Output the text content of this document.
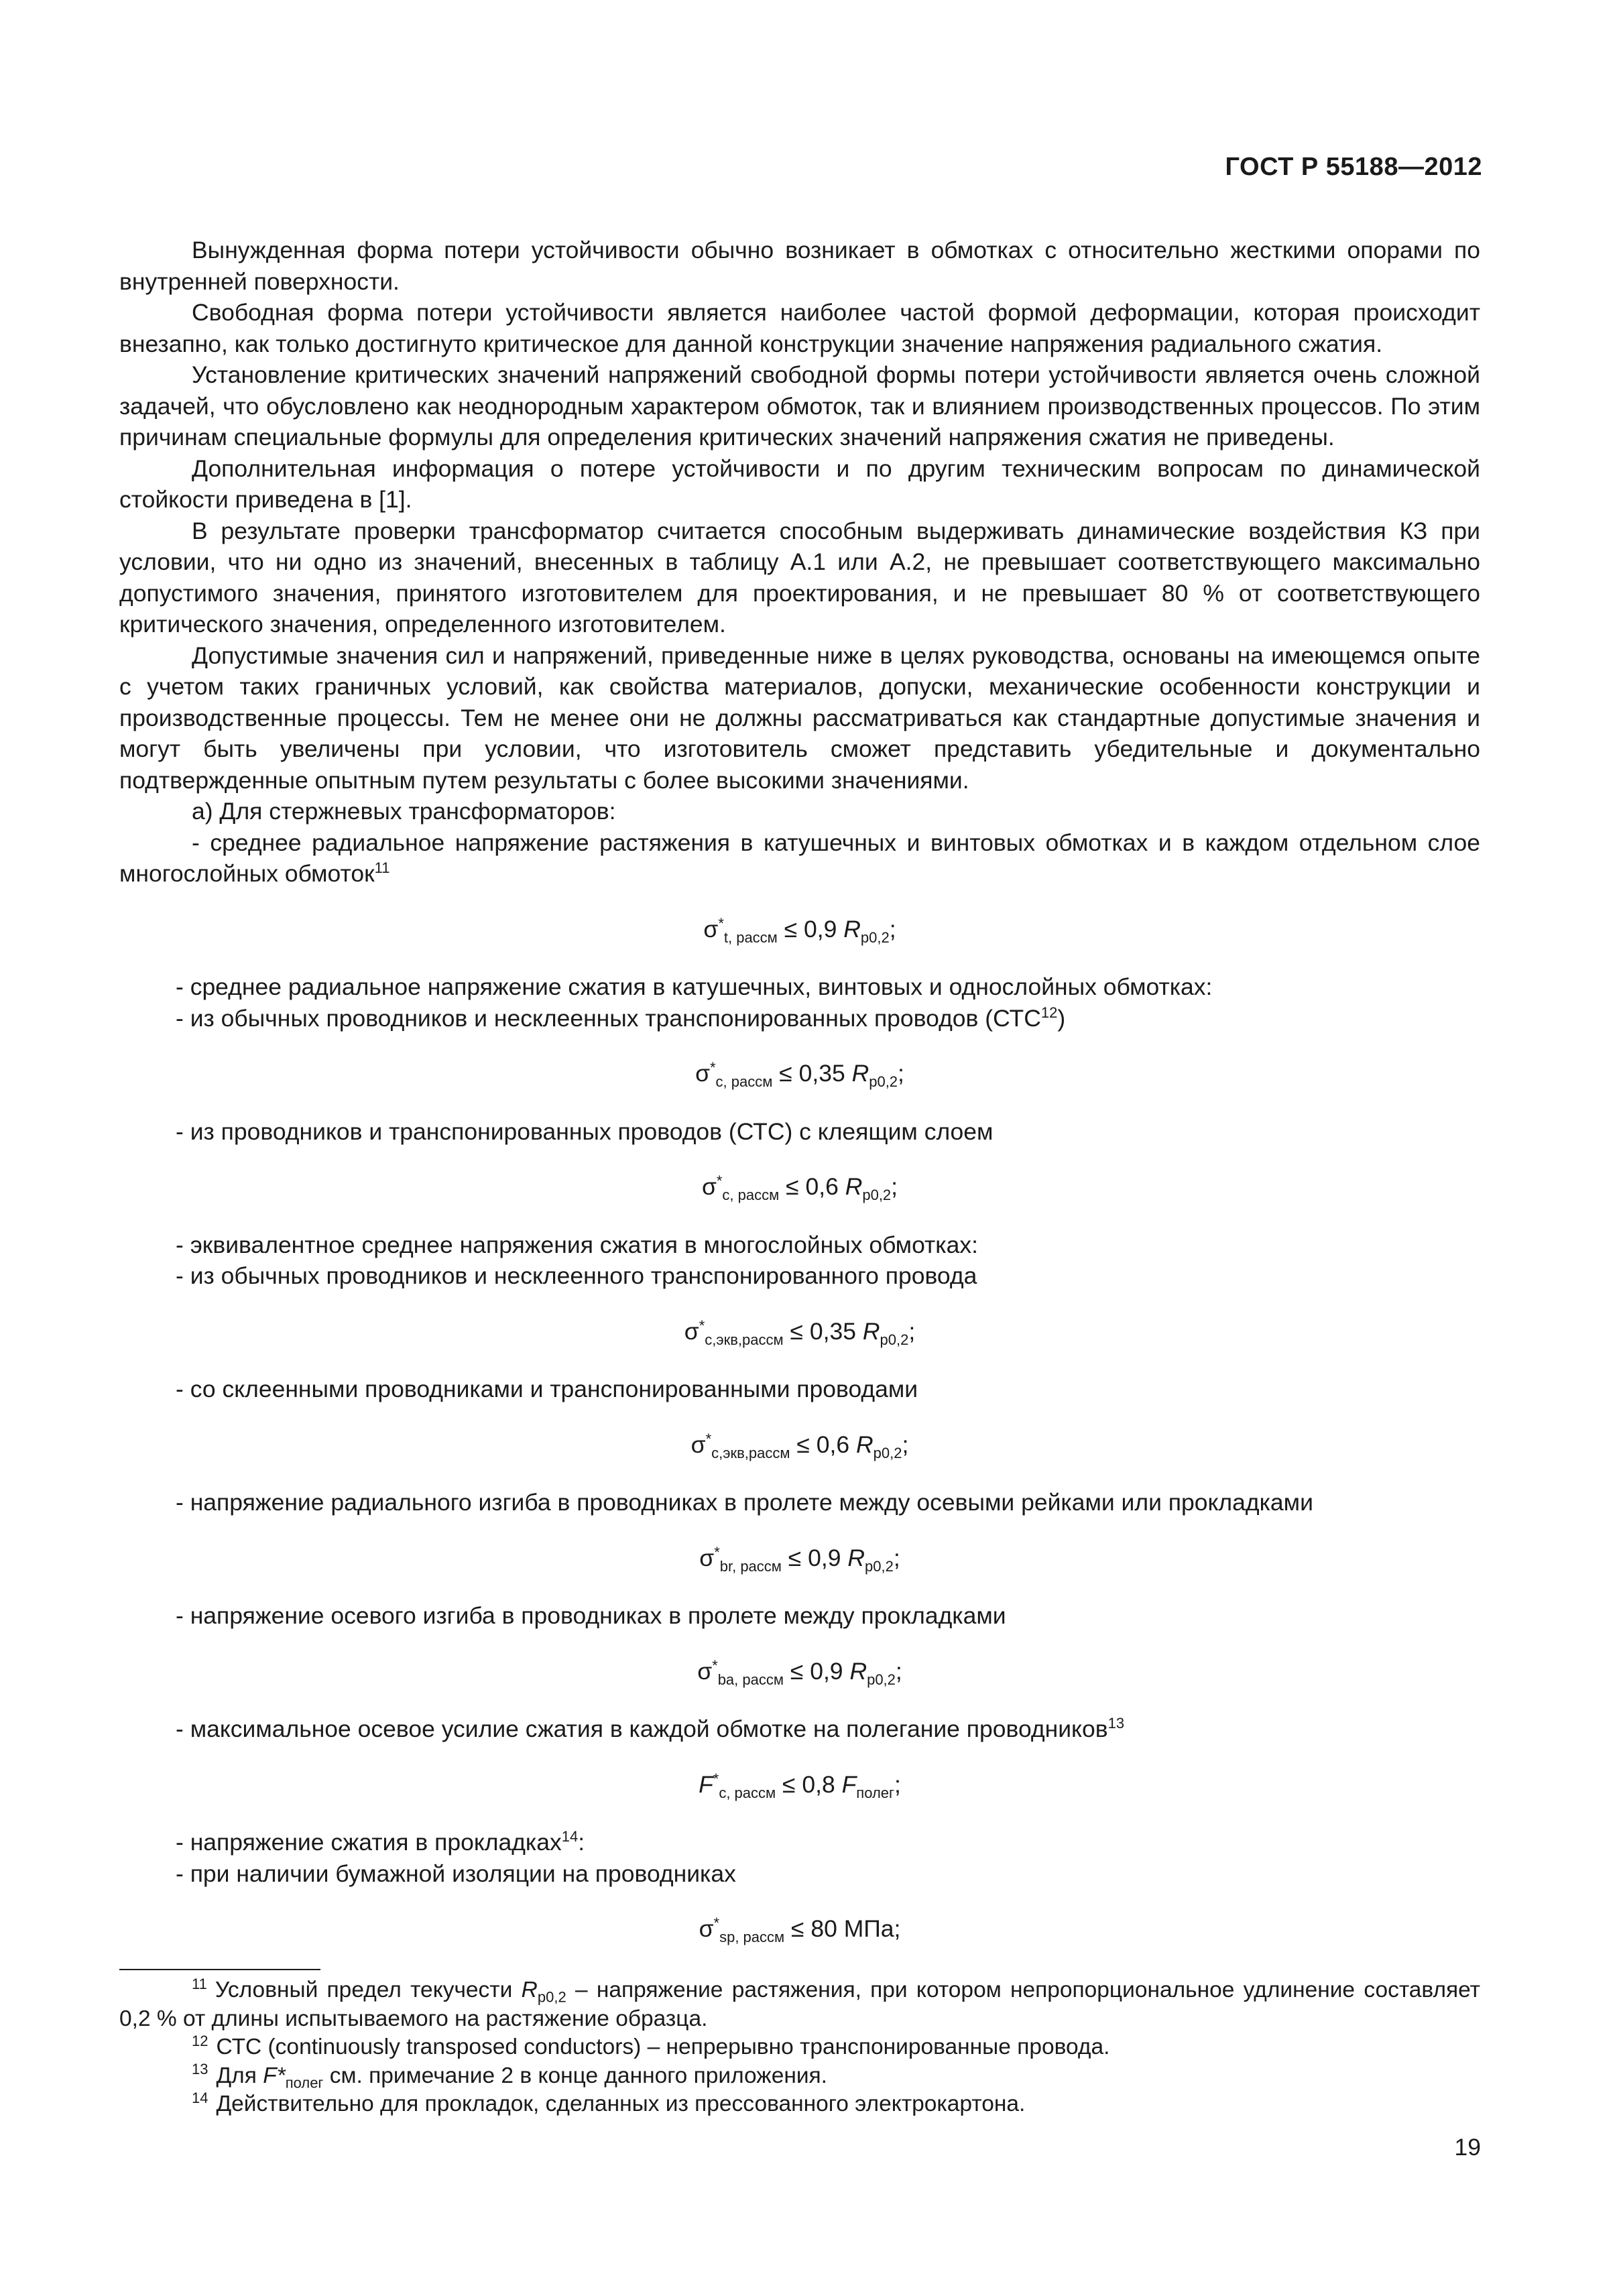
ГОСТ Р 55188—2012

Вынужденная форма потери устойчивости обычно возникает в обмотках с относительно жесткими опорами по внутренней поверхности.

Свободная форма потери устойчивости является наиболее частой формой деформации, которая происходит внезапно, как только достигнуто критическое для данной конструкции значение напряжения радиального сжатия.

Установление критических значений напряжений свободной формы потери устойчивости является очень сложной задачей, что обусловлено как неоднородным характером обмоток, так и влиянием производственных процессов. По этим причинам специальные формулы для определения критических значений напряжения сжатия не приведены.

Дополнительная информация о потере устойчивости и по другим техническим вопросам по динамической стойкости приведена в [1].

В результате проверки трансформатор считается способным выдерживать динамические воздействия КЗ при условии, что ни одно из значений, внесенных в таблицу А.1 или А.2, не превышает соответствующего максимально допустимого значения, принятого изготовителем для проектирования, и не превышает 80 % от соответствующего критического значения, определенного изготовителем.

Допустимые значения сил и напряжений, приведенные ниже в целях руководства, основаны на имеющемся опыте с учетом таких граничных условий, как свойства материалов, допуски, механические особенности конструкции и производственные процессы. Тем не менее они не должны рассматриваться как стандартные допустимые значения и могут быть увеличены при условии, что изготовитель сможет представить убедительные и документально подтвержденные опытным путем результаты с более высокими значениями.

а) Для стержневых трансформаторов:

- среднее радиальное напряжение растяжения в катушечных и винтовых обмотках и в каждом отдельном слое многослойных обмоток$^{11}$

$\sigma^*_{t, рассм} \le 0,9$ $R_{p0,2}$;

- среднее радиальное напряжение сжатия в катушечных, винтовых и однослойных обмотках:

- из обычных проводников и несклеенных транспонированных проводов (СТС$^{12}$)

$\sigma^*_{c, рассм} \le 0,35$ $R_{p0,2}$;

- из проводников и транспонированных проводов (СТС) с клеящим слоем

$\sigma^*_{c, рассм} \le 0,6$ $R_{p0,2}$;

- эквивалентное среднее напряжения сжатия в многослойных обмотках:

- из обычных проводников и несклеенного транспонированного провода

$\sigma^*_{c,экв,рассм} \le 0,35$ $R_{p0,2}$;

- со склеенными проводниками и транспонированными проводами

$\sigma^*_{c,экв,рассм} \le 0,6$ $R_{p0,2}$;

- напряжение радиального изгиба в проводниках в пролете между осевыми рейками или прокладками

$\sigma^*_{br, рассм} \le 0,9$ $R_{p0,2}$;

- напряжение осевого изгиба в проводниках в пролете между прокладками

$\sigma^*_{ba, рассм} \le 0,9$ $R_{p0,2}$;

- максимальное осевое усилие сжатия в каждой обмотке на полегание проводников$^{13}$

$F^*_{c, рассм} \le 0,8$ $F_{полег}$;

- напряжение сжатия в прокладках$^{14}$:

- при наличии бумажной изоляции на проводниках

$\sigma^*_{sp, рассм} \le 80$ МПа;

$^{11}$ Условный предел текучести $R_{p0,2}$ – напряжение растяжения, при котором непропорциональное удлинение составляет 0,2 % от длины испытываемого на растяжение образца.

$^{12}$ СТС (continuously transposed conductors) – непрерывно транспонированные провода.

$^{13}$ Для $F*_{полег}$ см. примечание 2 в конце данного приложения.

$^{14}$ Действительно для прокладок, сделанных из прессованного электрокартона.

19
